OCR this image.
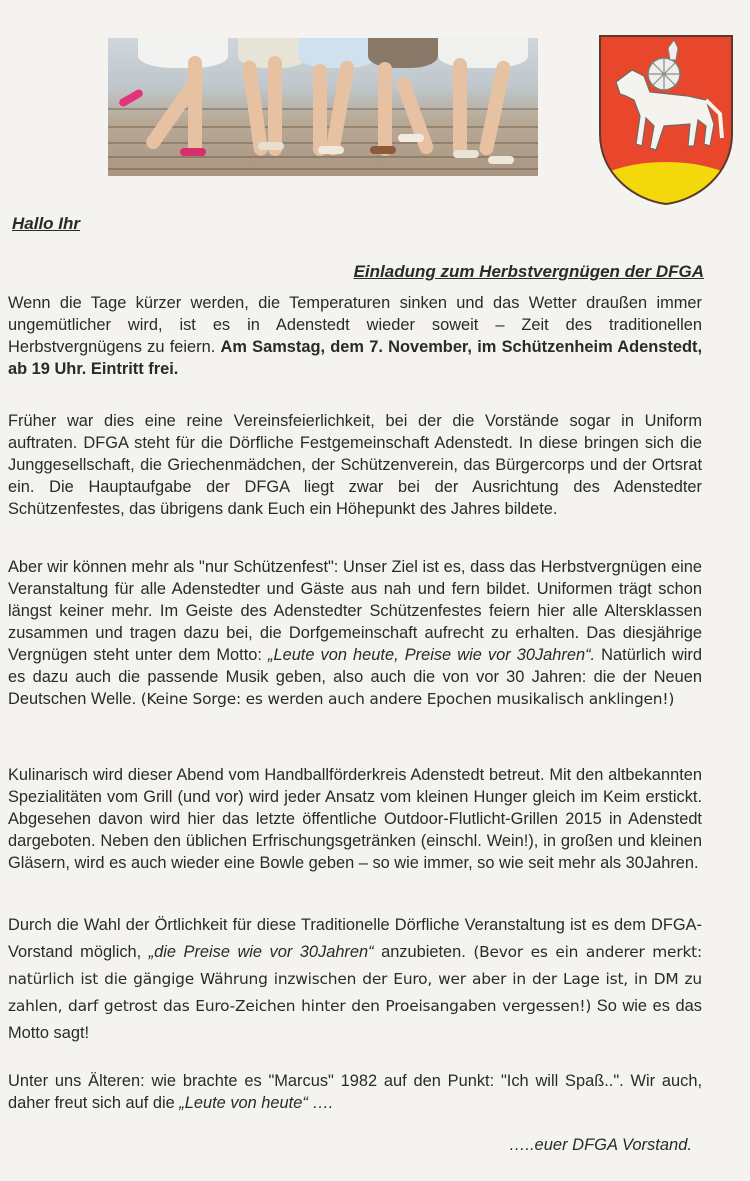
Hallo Ihr
Einladung zum Herbstvergnügen der DFGA
Wenn die Tage kürzer werden, die Temperaturen sinken und das Wetter draußen immer ungemütlicher wird, ist es in Adenstedt wieder soweit – Zeit des traditionellen Herbstvergnügens zu feiern. Am Samstag, dem 7. November, im Schützenheim Adenstedt, ab 19 Uhr. Eintritt frei.
Früher war dies eine reine Vereinsfeierlichkeit, bei der die Vorstände sogar in Uniform auftraten. DFGA steht für die Dörfliche Festgemeinschaft Adenstedt. In diese bringen sich die Junggesellschaft, die Griechenmädchen, der Schützenverein, das Bürgercorps und der Ortsrat ein. Die Hauptaufgabe der DFGA liegt zwar bei der Ausrichtung des Adenstedter Schützenfestes, das übrigens dank Euch ein Höhepunkt des Jahres bildete.
Aber wir können mehr als "nur Schützenfest": Unser Ziel ist es, dass das Herbstvergnügen eine Veranstaltung für alle Adenstedter und Gäste aus nah und fern bildet. Uniformen trägt schon längst keiner mehr. Im Geiste des Adenstedter Schützenfestes feiern hier alle Altersklassen zusammen und tragen dazu bei, die Dorfgemeinschaft aufrecht zu erhalten. Das diesjährige Vergnügen steht unter dem Motto: „Leute von heute, Preise wie vor 30Jahren“. Natürlich wird es dazu auch die passende Musik geben, also auch die von vor 30 Jahren: die der Neuen Deutschen Welle. (Keine Sorge: es werden auch andere Epochen musikalisch anklingen!)
Kulinarisch wird dieser Abend vom Handballförderkreis Adenstedt betreut. Mit den altbekannten Spezialitäten vom Grill (und vor) wird jeder Ansatz vom kleinen Hunger gleich im Keim erstickt. Abgesehen davon wird hier das letzte öffentliche Outdoor-Flutlicht-Grillen 2015 in Adenstedt dargeboten. Neben den üblichen Erfrischungsgetränken (einschl. Wein!), in großen und kleinen Gläsern, wird es auch wieder eine Bowle geben – so wie immer, so wie seit mehr als 30Jahren.
Durch die Wahl der Örtlichkeit für diese Traditionelle Dörfliche Veranstaltung ist es dem DFGA-Vorstand möglich, „die Preise wie vor 30Jahren“ anzubieten. (Bevor es ein anderer merkt: natürlich ist die gängige Währung inzwischen der Euro, wer aber in der Lage ist, in DM zu zahlen, darf getrost das Euro-Zeichen hinter den Proeisangaben vergessen!) So wie es das Motto sagt!
Unter uns Älteren: wie brachte es "Marcus" 1982 auf den Punkt: "Ich will Spaß..". Wir auch, daher freut sich auf die „Leute von heute“ ….
…..euer DFGA Vorstand.
